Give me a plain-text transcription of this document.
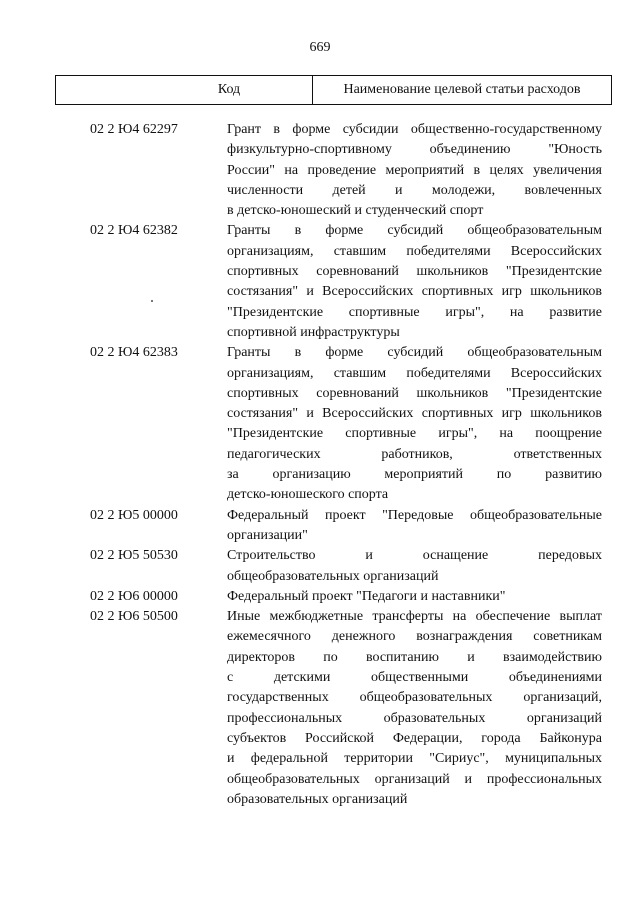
669
Код	Наименование целевой статьи расходов
02 2 Ю4 62297	Грант в форме субсидии общественно-государственному
физкультурно-спортивному объединению "Юность
России" на проведение мероприятий в целях увеличения
численности детей и молодежи, вовлеченных
в детско-юношеский и студенческий спорт
02 2 Ю4 62382	Гранты в форме субсидий общеобразовательным
организациям, ставшим победителями Всероссийских
спортивных соревнований школьников "Президентские
состязания" и Всероссийских спортивных игр школьников
"Президентские спортивные игры", на развитие
спортивной инфраструктуры
02 2 Ю4 62383	Гранты в форме субсидий общеобразовательным
организациям, ставшим победителями Всероссийских
спортивных соревнований школьников "Президентские
состязания" и Всероссийских спортивных игр школьников
"Президентские спортивные игры", на поощрение
педагогических работников, ответственных
за организацию мероприятий по развитию
детско-юношеского спорта
02 2 Ю5 00000	Федеральный проект "Передовые общеобразовательные
организации"
02 2 Ю5 50530	Строительство и оснащение передовых
общеобразовательных организаций
02 2 Ю6 00000	Федеральный проект "Педагоги и наставники"
02 2 Ю6 50500	Иные межбюджетные трансферты на обеспечение выплат
ежемесячного денежного вознаграждения советникам
директоров по воспитанию и взаимодействию
с детскими общественными объединениями
государственных общеобразовательных организаций,
профессиональных образовательных организаций
субъектов Российской Федерации, города Байконура
и федеральной территории "Сириус", муниципальных
общеобразовательных организаций и профессиональных
образовательных организаций
